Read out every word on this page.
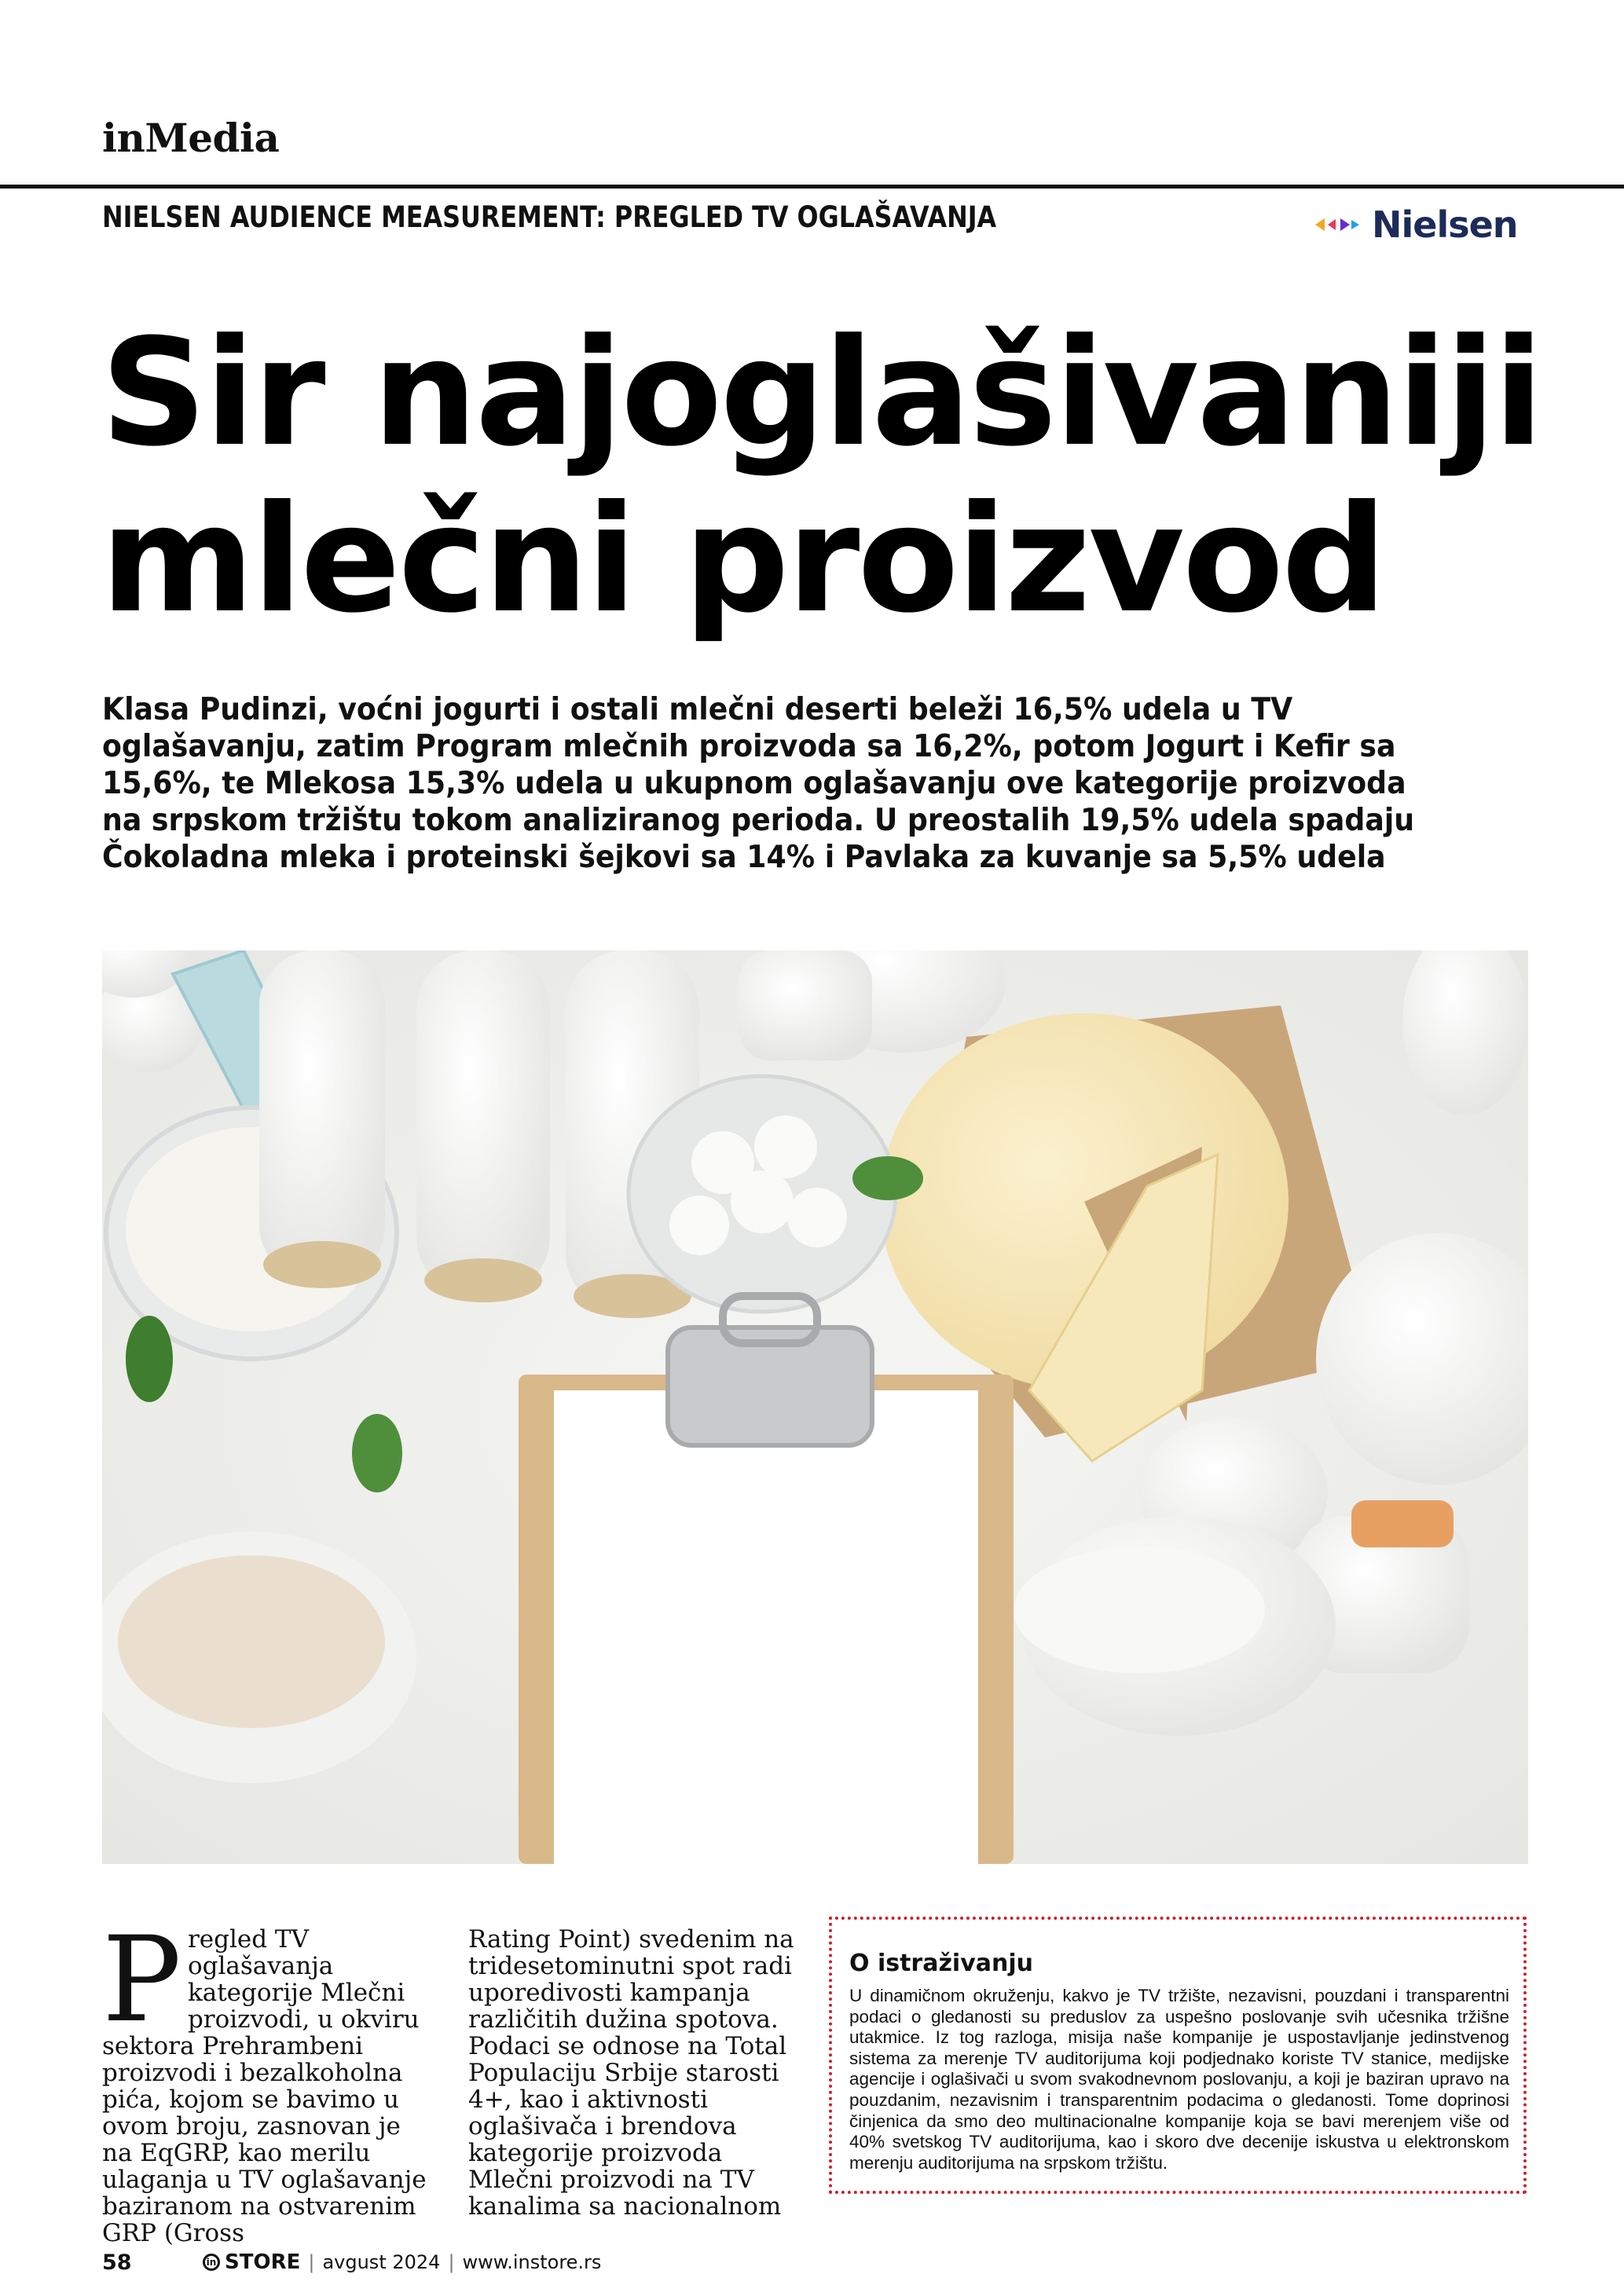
inMedia
NIELSEN AUDIENCE MEASUREMENT: PREGLED TV OGLAŠAVANJA	Nielsen
Sir najoglašivaniji
mlečni proizvod
Klasa Pudinzi, voćni jogurti i ostali mlečni deserti beleži 16,5% udela u TV oglašavanju, zatim Program mlečnih proizvoda sa 16,2%, potom Jogurt i Kefir sa 15,6%, te Mlekosa 15,3% udela u ukupnom oglašavanju ove kategorije proizvoda na srpskom tržištu tokom analiziranog perioda. U preostalih 19,5% udela spadaju Čokoladna mleka i proteinski šejkovi sa 14% i Pavlaka za kuvanje sa 5,5% udela
P regled TV oglašavanja kategorije Mlečni proizvodi, u okviru sektora Prehrambeni proizvodi i bezalkoholna pića, kojom se bavimo u ovom broju, zasnovan je na EqGRP, kao merilu ulaganja u TV oglašavanje baziranom na ostvarenim GRP (Gross
Rating Point) svedenim na tridesetominutni spot radi uporedivosti kampanja različitih dužina spotova. Podaci se odnose na Total Populaciju Srbije starosti 4+, kao i aktivnosti oglašivača i brendova kategorije proizvoda Mlečni proizvodi na TV kanalima sa nacionalnom
O istraživanju
U dinamičnom okruženju, kakvo je TV tržište, nezavisni, pouzdani i transparentni podaci o gledanosti su preduslov za uspešno poslovanje svih učesnika tržišne utakmice. Iz tog razloga, misija naše kompanije je uspostavljanje jedinstvenog sistema za merenje TV auditorijuma koji podjednako koriste TV stanice, medijske agencije i oglašivači u svom svakodnevnom poslovanju, a koji je baziran upravo na pouzdanim, nezavisnim i transparentnim podacima o gledanosti. Tome doprinosi činjenica da smo deo multinacionalne kompanije koja se bavi merenjem više od 40% svetskog TV auditorijuma, kao i skoro dve decenije iskustva u elektronskom merenju auditorijuma na srpskom tržištu.
58	in STORE | avgust 2024 | www.instore.rs
